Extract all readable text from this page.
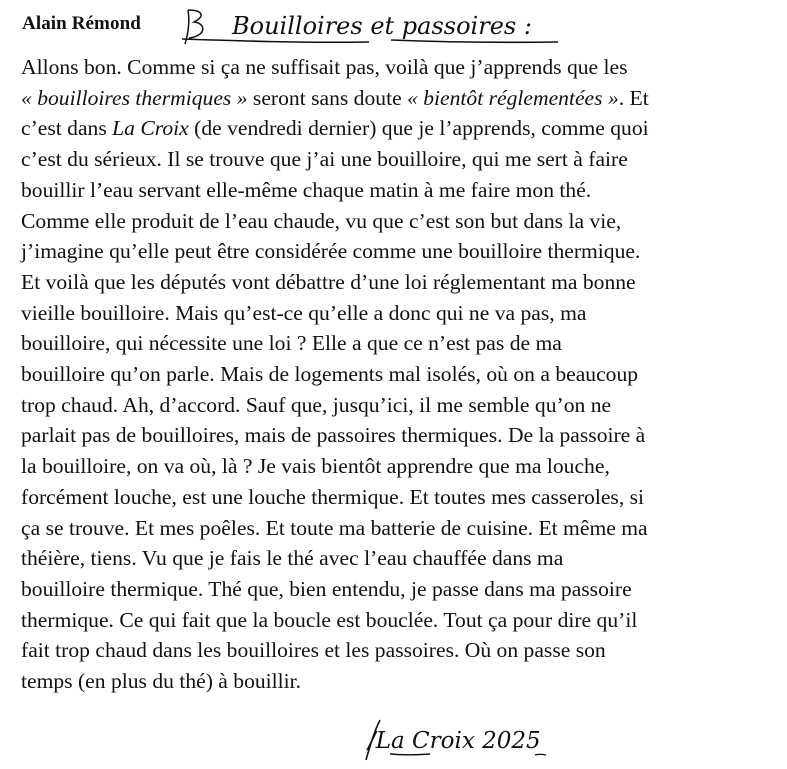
Alain Rémond	Bouilloires et passoires :
Allons bon. Comme si ça ne suffisait pas, voilà que j’apprends que les
« bouilloires thermiques » seront sans doute « bientôt réglementées ». Et
c’est dans La Croix (de vendredi dernier) que je l’apprends, comme quoi
c’est du sérieux. Il se trouve que j’ai une bouilloire, qui me sert à faire
bouillir l’eau servant elle-même chaque matin à me faire mon thé.
Comme elle produit de l’eau chaude, vu que c’est son but dans la vie,
j’imagine qu’elle peut être considérée comme une bouilloire thermique.
Et voilà que les députés vont débattre d’une loi réglementant ma bonne
vieille bouilloire. Mais qu’est-ce qu’elle a donc qui ne va pas, ma
bouilloire, qui nécessite une loi ? Elle a que ce n’est pas de ma
bouilloire qu’on parle. Mais de logements mal isolés, où on a beaucoup
trop chaud. Ah, d’accord. Sauf que, jusqu’ici, il me semble qu’on ne
parlait pas de bouilloires, mais de passoires thermiques. De la passoire à
la bouilloire, on va où, là ? Je vais bientôt apprendre que ma louche,
forcément louche, est une louche thermique. Et toutes mes casseroles, si
ça se trouve. Et mes poêles. Et toute ma batterie de cuisine. Et même ma
théière, tiens. Vu que je fais le thé avec l’eau chauffée dans ma
bouilloire thermique. Thé que, bien entendu, je passe dans ma passoire
thermique. Ce qui fait que la boucle est bouclée. Tout ça pour dire qu’il
fait trop chaud dans les bouilloires et les passoires. Où on passe son
temps (en plus du thé) à bouillir.
/La Croix 2025
